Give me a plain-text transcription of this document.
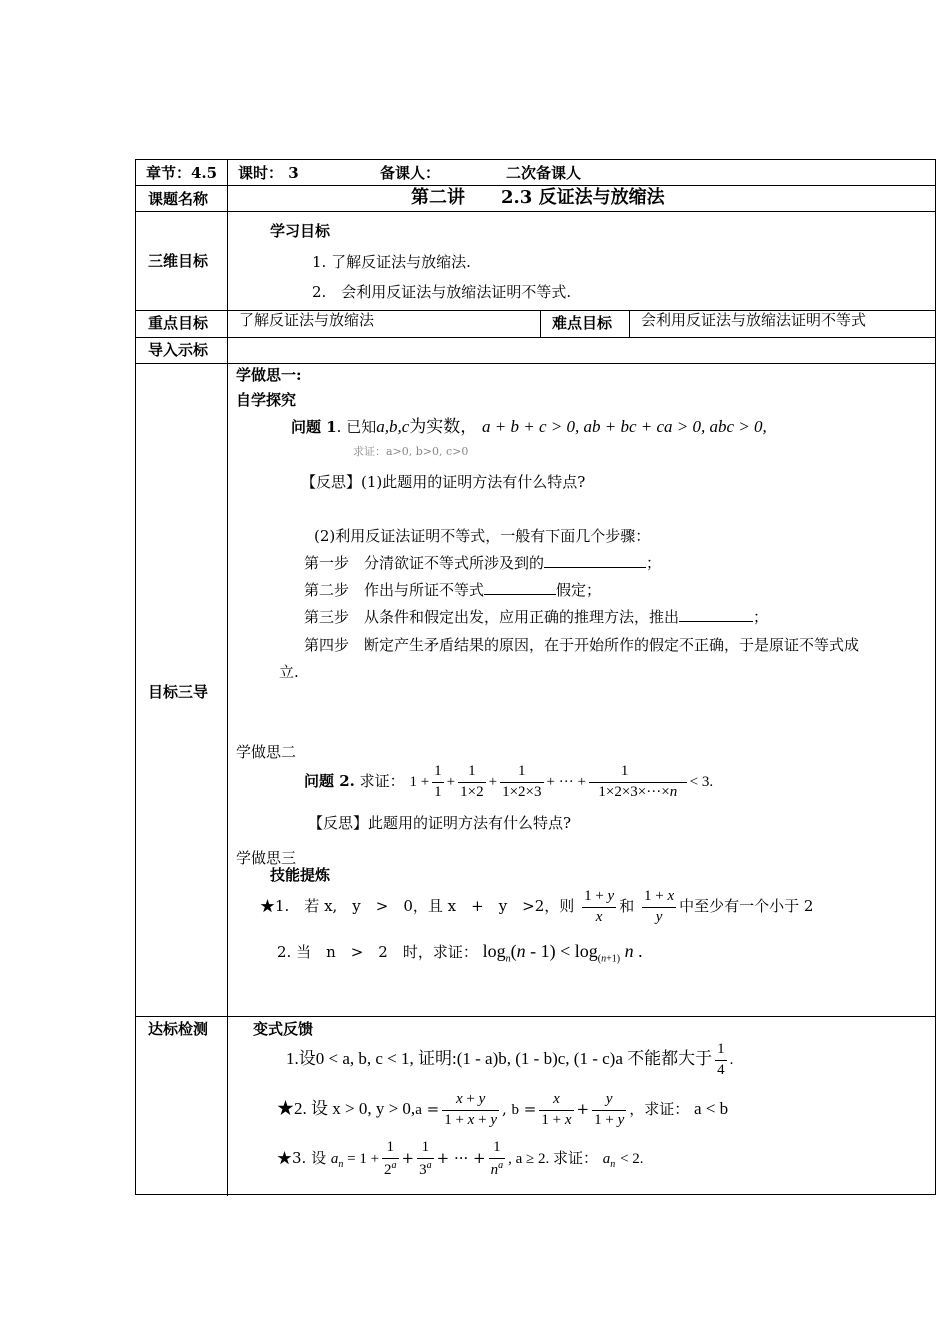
章节：4.5 课时： 3	备课人：	二次备课人
课题名称	第二讲　　2.3 反证法与放缩法
三维目标
学习目标
1. 了解反证法与放缩法.
2.　会利用反证法与放缩法证明不等式.
重点目标 了解反证法与放缩法	难点目标 会利用反证法与放缩法证明不等式
导入示标
目标三导
学做思一:
自学探究
问题 1. 已知a,b,c为实数， a + b + c > 0, ab + bc + ca > 0, abc > 0,
求证：a>0, b>0, c>0
【反思】(1)此题用的证明方法有什么特点?
(2)利用反证法证明不等式，一般有下面几个步骤：
第一步　分清欲证不等式所涉及到的	；
第二步　作出与所证不等式	假定；
第三步　从条件和假定出发，应用正确的推理方法，推出	；
第四步　断定产生矛盾结果的原因，在于开始所作的假定不正确，于是原证不等式成
立.
学做思二
问题 2. 求证： $1 + \frac{1}{1} + \frac{1}{1\times 2} + \frac{1}{1\times 2\times 3}$ + ··· + $\frac{1}{1\times 2\times 3\times\cdot\cdot\cdot\times n} < 3$.
【反思】此题用的证明方法有什么特点?
学做思三
技能提炼
★1.　若 x,　y　>　0，且 x　+　y　>2，则 $\frac{1 + y}{x}$ 和 $\frac{1 + x}{y}$ 中至少有一个小于 2
2. 当　n　>　2　时，求证： $\log_n(n - 1) < \log_{(n+1)} n$ .
达标检测	变式反馈
1.设0 < a, b, c < 1, 证明:(1 - a)b, (1 - b)c, (1 - c)a 不能都大于 $\frac{1}{4}$ .
★2. 设 x > 0, $y > 0,a = \frac{x + y}{1 + x + y}$ , $b = \frac{x}{1 + x} + \frac{y}{1 + y}$ ，求证： a < b
★3. 设 $a_n = 1 + \frac{1}{2^a} + \frac{1}{3^a}$ + ··· + $\frac{1}{n^a}$ , a ≥ 2. 求证： $a_n < 2$.
